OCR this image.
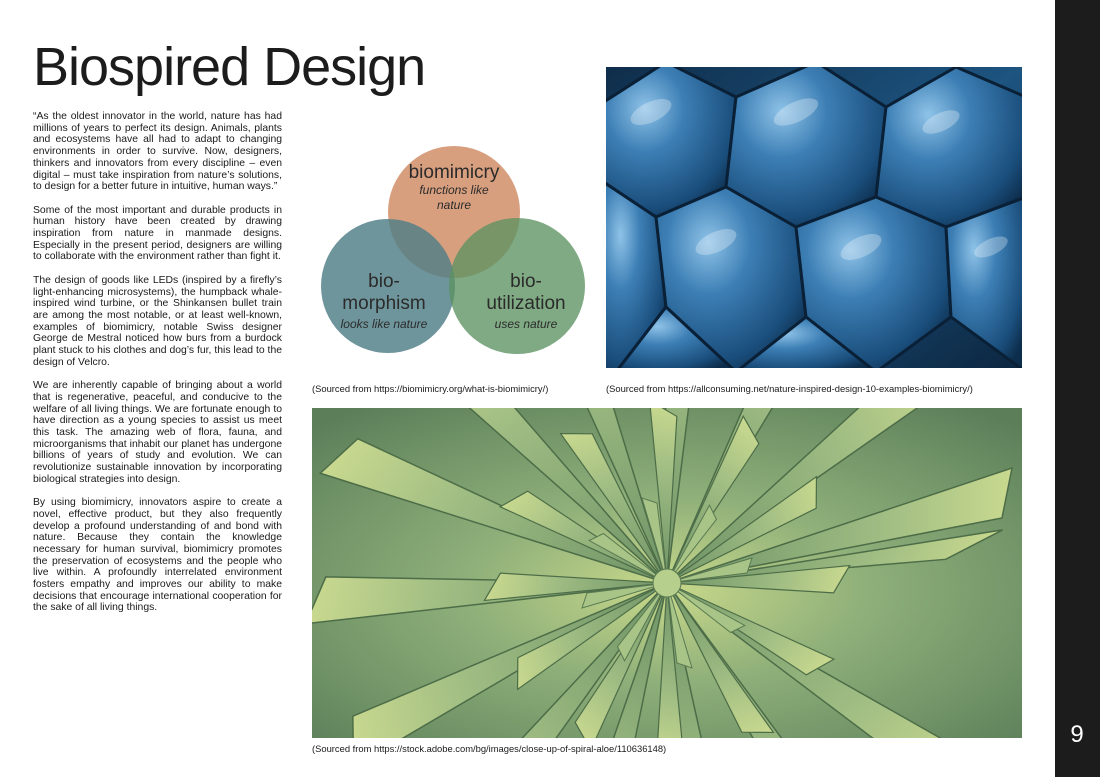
Biospired Design

“As the oldest innovator in the world, nature has had millions of years to perfect its design. Animals, plants and ecosystems have all had to adapt to changing environments in order to survive. Now, designers, thinkers and innovators from every discipline – even digital – must take inspiration from nature’s solutions, to design for a better future in intuitive, human ways.”

Some of the most important and durable products in human history have been created by drawing inspiration from nature in manmade designs. Especially in the present period, designers are willing to collaborate with the environment rather than fight it.

The design of goods like LEDs (inspired by a firefly’s light-enhancing microsystems), the humpback whale-inspired wind turbine, or the Shinkansen bullet train are among the most notable, or at least well-known, examples of biomimicry, notable Swiss designer George de Mestral noticed how burs from a burdock plant stuck to his clothes and dog’s fur, this lead to the design of Velcro.

We are inherently capable of bringing about a world that is regenerative, peaceful, and conducive to the welfare of all living things. We are fortunate enough to have direction as a young species to assist us meet this task. The amazing web of flora, fauna, and microorganisms that inhabit our planet has undergone billions of years of study and evolution. We can revolutionize sustainable innovation by incorporating biological strategies into design.

By using biomimicry, innovators aspire to create a novel, effective product, but they also frequently develop a profound understanding of and bond with nature. Because they contain the knowledge necessary for human survival, biomimicry promotes the preservation of ecosystems and the people who live within. A profoundly interrelated environment fosters empathy and improves our ability to make decisions that encourage international cooperation for the sake of all living things.

biomimicry
functions like
nature
bio-
morphism
looks like nature
bio-
utilization
uses nature
(Sourced from https://biomimicry.org/what-is-biomimicry/)	(Sourced from https://allconsuming.net/nature-inspired-design-10-examples-biomimicry/)
(Sourced from https://stock.adobe.com/bg/images/close-up-of-spiral-aloe/110636148)
9
